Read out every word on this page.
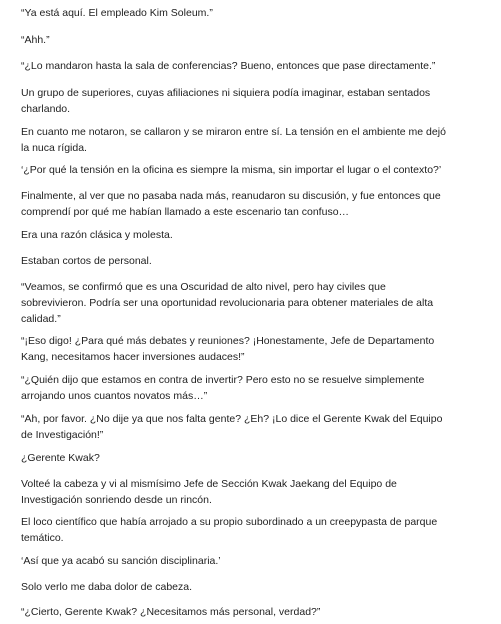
“Ya está aquí. El empleado Kim Soleum.”

“Ahh.”

“¿Lo mandaron hasta la sala de conferencias? Bueno, entonces que pase directamente.”

Un grupo de superiores, cuyas afiliaciones ni siquiera podía imaginar, estaban sentados
charlando.

En cuanto me notaron, se callaron y se miraron entre sí. La tensión en el ambiente me dejó
la nuca rígida.

‘¿Por qué la tensión en la oficina es siempre la misma, sin importar el lugar o el contexto?’

Finalmente, al ver que no pasaba nada más, reanudaron su discusión, y fue entonces que
comprendí por qué me habían llamado a este escenario tan confuso…

Era una razón clásica y molesta.

Estaban cortos de personal.

“Veamos, se confirmó que es una Oscuridad de alto nivel, pero hay civiles que
sobrevivieron. Podría ser una oportunidad revolucionaria para obtener materiales de alta
calidad.”

“¡Eso digo! ¿Para qué más debates y reuniones? ¡Honestamente, Jefe de Departamento
Kang, necesitamos hacer inversiones audaces!”

“¿Quién dijo que estamos en contra de invertir? Pero esto no se resuelve simplemente
arrojando unos cuantos novatos más…”

“Ah, por favor. ¿No dije ya que nos falta gente? ¿Eh? ¡Lo dice el Gerente Kwak del Equipo
de Investigación!”

¿Gerente Kwak?

Volteé la cabeza y vi al mismísimo Jefe de Sección Kwak Jaekang del Equipo de
Investigación sonriendo desde un rincón.

El loco científico que había arrojado a su propio subordinado a un creepypasta de parque
temático.

‘Así que ya acabó su sanción disciplinaria.’

Solo verlo me daba dolor de cabeza.

“¿Cierto, Gerente Kwak? ¿Necesitamos más personal, verdad?”
